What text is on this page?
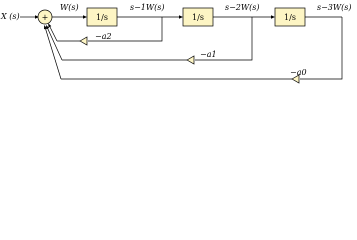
+	1/s	1/s	1/s
X (s)
W(s)	s−1W(s)	s−2W(s)	s−3W(s)
−a2
−a1
−a0
